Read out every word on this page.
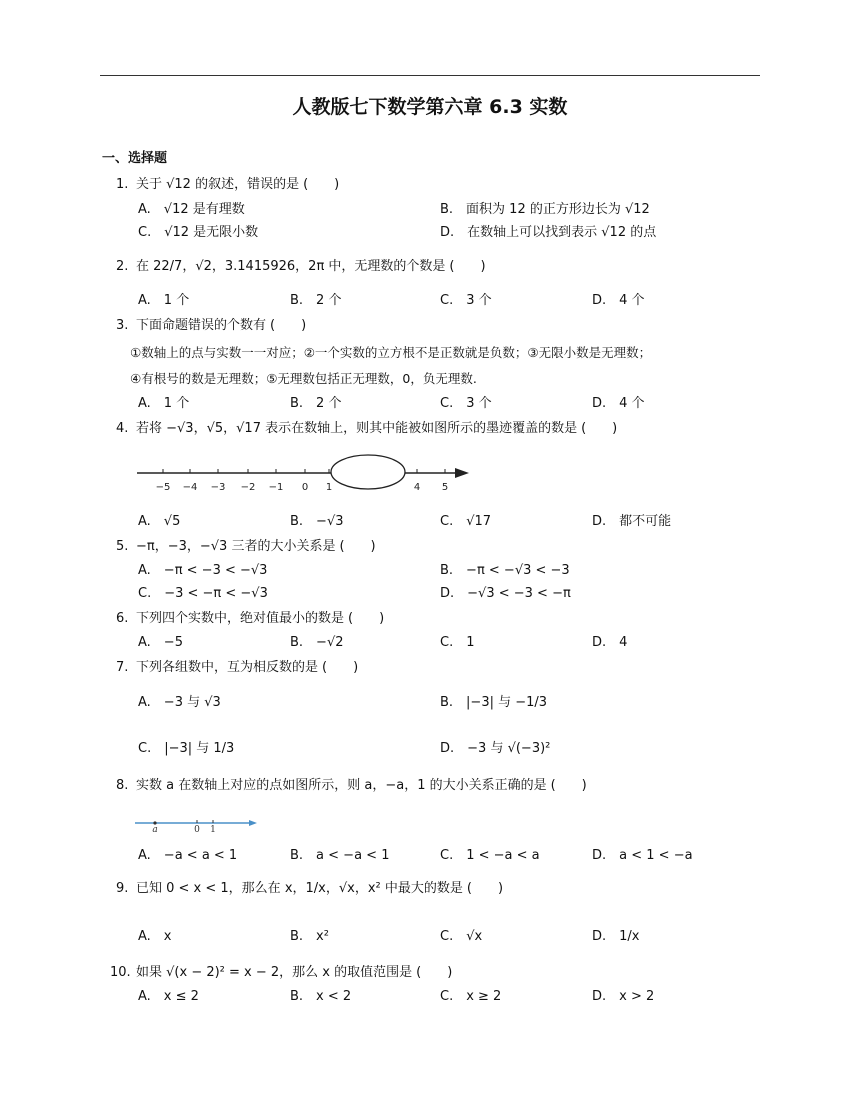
人教版七下数学第六章 6.3 实数
一、选择题
1. 关于 √12 的叙述，错误的是 (　　)
A.　√12 是有理数	B.　面积为 12 的正方形边长为 √12
C.　√12 是无限小数	D.　在数轴上可以找到表示 √12 的点
2. 在 22/7，√2，3.1415926，2π 中，无理数的个数是 (　　)
A.　1 个	B.　2 个	C.　3 个	D.　4 个
3. 下面命题错误的个数有 (　　)
①数轴上的点与实数一一对应；②一个实数的立方根不是正数就是负数；③无限小数是无理数；
④有根号的数是无理数；⑤无理数包括正无理数，0，负无理数.
A.　1 个	B.　2 个	C.　3 个	D.　4 个
4. 若将 −√3，√5，√17 表示在数轴上，则其中能被如图所示的墨迹覆盖的数是 (　　)
−5 −4 −3 −2 −1 0 1	4 5
A.　√5	B.　−√3	C.　√17	D.　都不可能
5. −π，−3，−√3 三者的大小关系是 (　　)
A.　−π < −3 < −√3	B.　−π < −√3 < −3
C.　−3 < −π < −√3	D.　−√3 < −3 < −π
6. 下列四个实数中，绝对值最小的数是 (　　)
A.　−5	B.　−√2	C.　1	D.　4
7. 下列各组数中，互为相反数的是 (　　)
A.　−3 与 √3	B.　|−3| 与 −1/3
C.　|−3| 与 1/3	D.　−3 与 √(−3)²
8. 实数 a 在数轴上对应的点如图所示，则 a，−a，1 的大小关系正确的是 (　　)
a	0 1
A.　−a < a < 1	B.　a < −a < 1	C.　1 < −a < a	D.　a < 1 < −a
9. 已知 0 < x < 1，那么在 x，1/x，√x，x² 中最大的数是 (　　)
A.　x	B.　x²	C.　√x	D.　1/x
10. 如果 √(x − 2)² = x − 2，那么 x 的取值范围是 (　　)
A.　x ≤ 2	B.　x < 2	C.　x ≥ 2	D.　x > 2
